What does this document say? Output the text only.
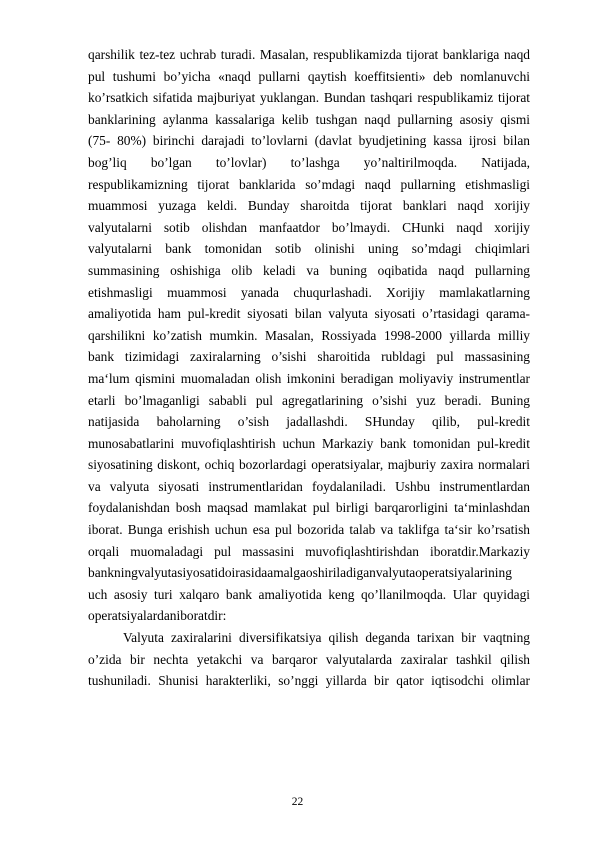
qarshilik tez-tez uchrab turadi. Masalan, respublikamizda tijorat banklariga naqd
pul tushumi bo’yicha «naqd pullarni qaytish koeffitsienti» deb nomlanuvchi
ko’rsatkich sifatida majburiyat yuklangan. Bundan tashqari respublikamiz tijorat
banklarining aylanma kassalariga kelib tushgan naqd pullarning asosiy qismi
(75- 80%) birinchi darajadi to’lovlarni (davlat byudjetining kassa ijrosi bilan
bog’liq bo’lgan to’lovlar) to’lashga yo’naltirilmoqda. Natijada,
respublikamizning tijorat banklarida so’mdagi naqd pullarning etishmasligi
muammosi yuzaga keldi. Bunday sharoitda tijorat banklari naqd xorijiy
valyutalarni sotib olishdan manfaatdor bo’lmaydi. CHunki naqd xorijiy
valyutalarni bank tomonidan sotib olinishi uning so’mdagi chiqimlari
summasining oshishiga olib keladi va buning oqibatida naqd pullarning
etishmasligi muammosi yanada chuqurlashadi. Xorijiy mamlakatlarning
amaliyotida ham pul-kredit siyosati bilan valyuta siyosati o’rtasidagi qarama-
qarshilikni ko’zatish mumkin. Masalan, Rossiyada 1998-2000 yillarda milliy
bank tizimidagi zaxiralarning o’sishi sharoitida rubldagi pul massasining
ma‘lum qismini muomaladan olish imkonini beradigan moliyaviy instrumentlar
etarli bo’lmaganligi sababli pul agregatlarining o’sishi yuz beradi. Buning
natijasida baholarning o’sish jadallashdi. SHunday qilib, pul-kredit
munosabatlarini muvofiqlashtirish uchun Markaziy bank tomonidan pul-kredit
siyosatining diskont, ochiq bozorlardagi operatsiyalar, majburiy zaxira normalari
va valyuta siyosati instrumentlaridan foydalaniladi. Ushbu instrumentlardan
foydalanishdan bosh maqsad mamlakat pul birligi barqarorligini ta‘minlashdan
iborat. Bunga erishish uchun esa pul bozorida talab va taklifga ta‘sir ko’rsatish
orqali muomaladagi pul massasini muvofiqlashtirishdan iboratdir.Markaziy
bankningvalyutasiyosatidoirasidaamalgaoshiriladiganvalyutaoperatsiyalarining
uch asosiy turi xalqaro bank amaliyotida keng qo’llanilmoqda. Ular quyidagi
operatsiyalardaniboratdir:
Valyuta zaxiralarini diversifikatsiya qilish deganda tarixan bir vaqtning
o’zida bir nechta yetakchi va barqaror valyutalarda zaxiralar tashkil qilish
tushuniladi. Shunisi harakterliki, so’nggi yillarda bir qator iqtisodchi olimlar
22
